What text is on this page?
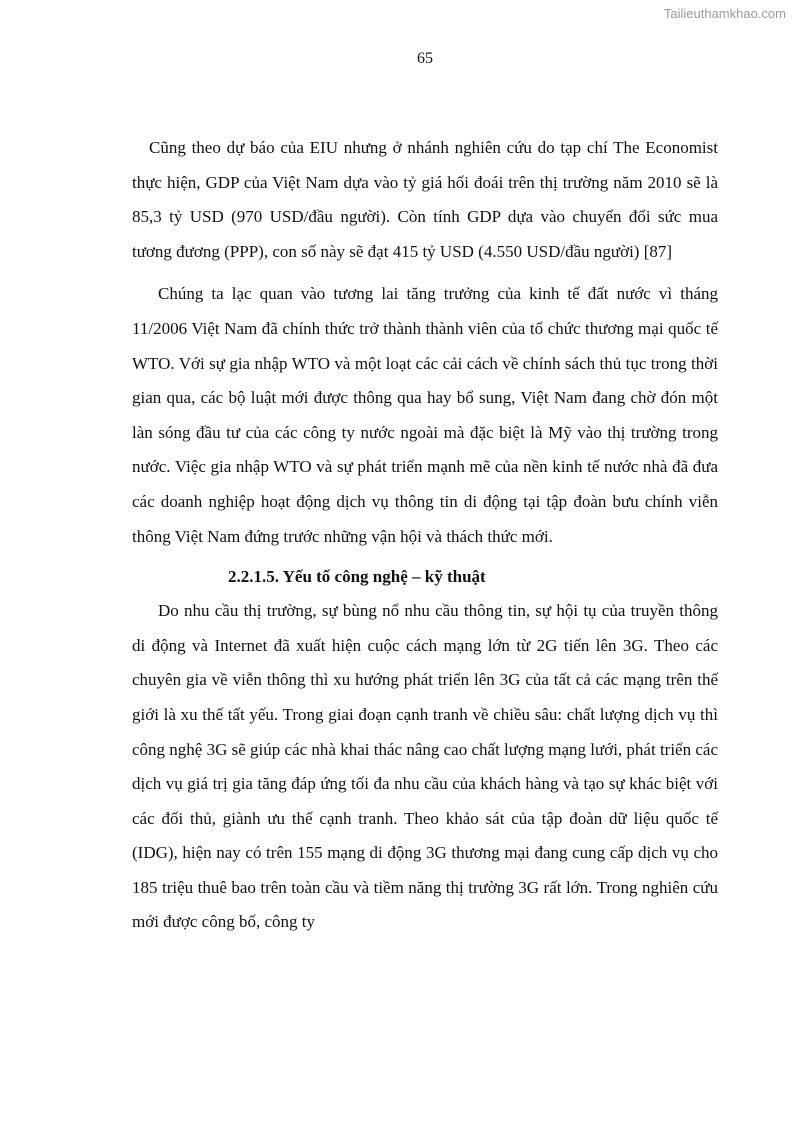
Tailieuthamkhao.com
65

Cũng theo dự báo của EIU nhưng ở nhánh nghiên cứu do tạp chí The Economist thực hiện, GDP của Việt Nam dựa vào tỷ giá hối đoái trên thị trường năm 2010 sẽ là 85,3 tỷ USD (970 USD/đầu người). Còn tính GDP dựa vào chuyển đổi sức mua tương đương (PPP), con số này sẽ đạt 415 tỷ USD (4.550 USD/đầu người) [87]

Chúng ta lạc quan vào tương lai tăng trưởng của kinh tế đất nước vì tháng 11/2006 Việt Nam đã chính thức trở thành thành viên của tổ chức thương mại quốc tế WTO. Với sự gia nhập WTO và một loạt các cải cách về chính sách thủ tục trong thời gian qua, các bộ luật mới được thông qua hay bổ sung, Việt Nam đang chờ đón một làn sóng đầu tư của các công ty nước ngoài mà đặc biệt là Mỹ vào thị trường trong nước. Việc gia nhập WTO và sự phát triển mạnh mẽ của nền kinh tế nước nhà đã đưa các doanh nghiệp hoạt động dịch vụ thông tin di động tại tập đoàn bưu chính viễn thông Việt Nam đứng trước những vận hội và thách thức mới.

2.2.1.5. Yếu tố công nghệ – kỹ thuật

Do nhu cầu thị trường, sự bùng nổ nhu cầu thông tin, sự hội tụ của truyền thông di động và Internet đã xuất hiện cuộc cách mạng lớn từ 2G tiến lên 3G. Theo các chuyên gia về viễn thông thì xu hướng phát triển lên 3G của tất cả các mạng trên thế giới là xu thế tất yếu. Trong giai đoạn cạnh tranh về chiều sâu: chất lượng dịch vụ thì công nghệ 3G sẽ giúp các nhà khai thác nâng cao chất lượng mạng lưới, phát triển các dịch vụ giá trị gia tăng đáp ứng tối đa nhu cầu của khách hàng và tạo sự khác biệt với các đối thủ, giành ưu thế cạnh tranh. Theo khảo sát của tập đoàn dữ liệu quốc tế (IDG), hiện nay có trên 155 mạng di động 3G thương mại đang cung cấp dịch vụ cho 185 triệu thuê bao trên toàn cầu và tiềm năng thị trường 3G rất lớn. Trong nghiên cứu mới được công bố, công ty
